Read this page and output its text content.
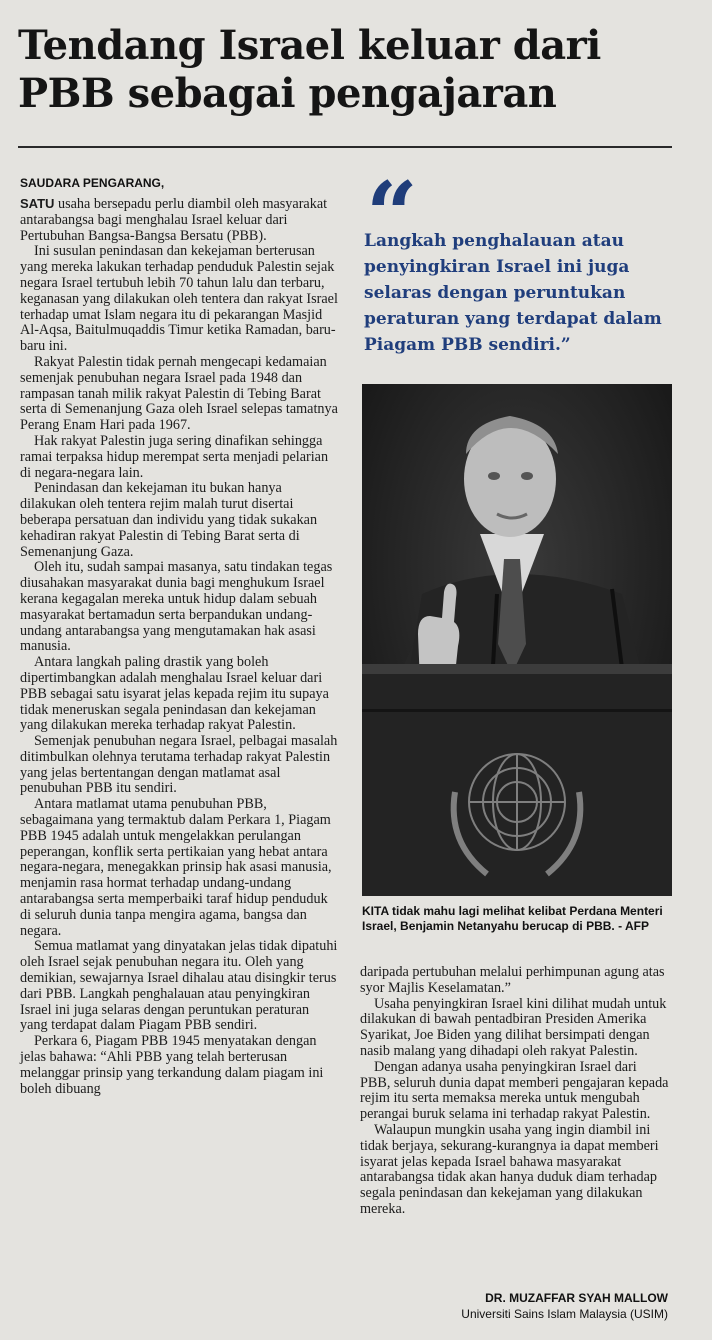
Tendang Israel keluar dari
PBB sebagai pengajaran
SAUDARA PENGARANG,

SATU usaha bersepadu perlu diambil oleh masyarakat antarabangsa bagi menghalau Israel keluar dari Pertubuhan Bangsa-Bangsa Bersatu (PBB).

Ini susulan penindasan dan kekejaman berterusan yang mereka lakukan terhadap penduduk Palestin sejak negara Israel tertubuh lebih 70 tahun lalu dan terbaru, keganasan yang dilakukan oleh tentera dan rakyat Israel terhadap umat Islam negara itu di pekarangan Masjid Al-Aqsa, Baitulmuqaddis Timur ketika Ramadan, baru-baru ini.

Rakyat Palestin tidak pernah mengecapi kedamaian semenjak penubuhan negara Israel pada 1948 dan rampasan tanah milik rakyat Palestin di Tebing Barat serta di Semenanjung Gaza oleh Israel selepas tamatnya Perang Enam Hari pada 1967.

Hak rakyat Palestin juga sering dinafikan sehingga ramai terpaksa hidup merempat serta menjadi pelarian di negara-negara lain.

Penindasan dan kekejaman itu bukan hanya dilakukan oleh tentera rejim malah turut disertai beberapa persatuan dan individu yang tidak sukakan kehadiran rakyat Palestin di Tebing Barat serta di Semenanjung Gaza.

Oleh itu, sudah sampai masanya, satu tindakan tegas diusahakan masyarakat dunia bagi menghukum Israel kerana kegagalan mereka untuk hidup dalam sebuah masyarakat bertamadun serta berpandukan undang-undang antarabangsa yang mengutamakan hak asasi manusia.

Antara langkah paling drastik yang boleh dipertimbangkan adalah menghalau Israel keluar dari PBB sebagai satu isyarat jelas kepada rejim itu supaya tidak meneruskan segala penindasan dan kekejaman yang dilakukan mereka terhadap rakyat Palestin.

Semenjak penubuhan negara Israel, pelbagai masalah ditimbulkan olehnya terutama terhadap rakyat Palestin yang jelas bertentangan dengan matlamat asal penubuhan PBB itu sendiri.

Antara matlamat utama penubuhan PBB, sebagaimana yang termaktub dalam Perkara 1, Piagam PBB 1945 adalah untuk mengelakkan perulangan peperangan, konflik serta pertikaian yang hebat antara negara-negara, menegakkan prinsip hak asasi manusia, menjamin rasa hormat terhadap undang-undang antarabangsa serta memperbaiki taraf hidup penduduk di seluruh dunia tanpa mengira agama, bangsa dan negara.

Semua matlamat yang dinyatakan jelas tidak dipatuhi oleh Israel sejak penubuhan negara itu. Oleh yang demikian, sewajarnya Israel dihalau atau disingkir terus dari PBB. Langkah penghalauan atau penyingkiran Israel ini juga selaras dengan peruntukan peraturan yang terdapat dalam Piagam PBB sendiri.

Perkara 6, Piagam PBB 1945 menyatakan dengan jelas bahawa: “Ahli PBB yang telah berterusan melanggar prinsip yang terkandung dalam piagam ini boleh dibuang

“
Langkah penghalauan atau penyingkiran Israel ini juga selaras dengan peruntukan peraturan yang terdapat dalam Piagam PBB sendiri.”
KITA tidak mahu lagi melihat kelibat Perdana Menteri Israel, Benjamin Netanyahu berucap di PBB. - AFP

daripada pertubuhan melalui perhimpunan agung atas syor Majlis Keselamatan.”

Usaha penyingkiran Israel kini dilihat mudah untuk dilakukan di bawah pentadbiran Presiden Amerika Syarikat, Joe Biden yang dilihat bersimpati dengan nasib malang yang dihadapi oleh rakyat Palestin.

Dengan adanya usaha penyingkiran Israel dari PBB, seluruh dunia dapat memberi pengajaran kepada rejim itu serta memaksa mereka untuk mengubah perangai buruk selama ini terhadap rakyat Palestin.

Walaupun mungkin usaha yang ingin diambil ini tidak berjaya, sekurang-kurangnya ia dapat memberi isyarat jelas kepada Israel bahawa masyarakat antarabangsa tidak akan hanya duduk diam terhadap segala penindasan dan kekejaman yang dilakukan mereka.

DR. MUZAFFAR SYAH MALLOW
Universiti Sains Islam Malaysia (USIM)
